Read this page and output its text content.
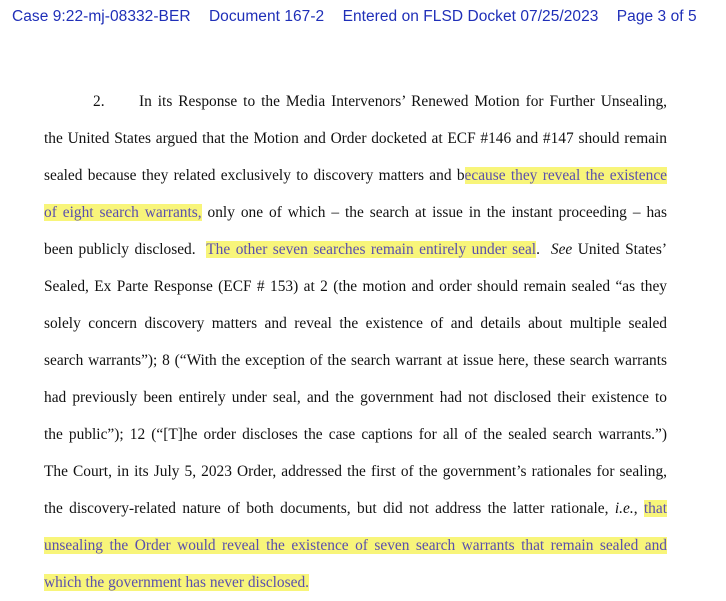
Case 9:22-mj-08332-BER Document 167-2 Entered on FLSD Docket 07/25/2023 Page 3 of 5
2. In its Response to the Media Intervenors’ Renewed Motion for Further Unsealing,
the United States argued that the Motion and Order docketed at ECF #146 and #147 should remain
sealed because they related exclusively to discovery matters and because they reveal the existence
of eight search warrants, only one of which – the search at issue in the instant proceeding – has
been publicly disclosed.  The other seven searches remain entirely under seal.  See United States’
Sealed, Ex Parte Response (ECF # 153) at 2 (the motion and order should remain sealed “as they
solely concern discovery matters and reveal the existence of and details about multiple sealed
search warrants”); 8 (“With the exception of the search warrant at issue here, these search warrants
had previously been entirely under seal, and the government had not disclosed their existence to
the public”); 12 (“[T]he order discloses the case captions for all of the sealed search warrants.”)
The Court, in its July 5, 2023 Order, addressed the first of the government’s rationales for sealing,
the discovery-related nature of both documents, but did not address the latter rationale, i.e., that
unsealing the Order would reveal the existence of seven search warrants that remain sealed and
which the government has never disclosed.
